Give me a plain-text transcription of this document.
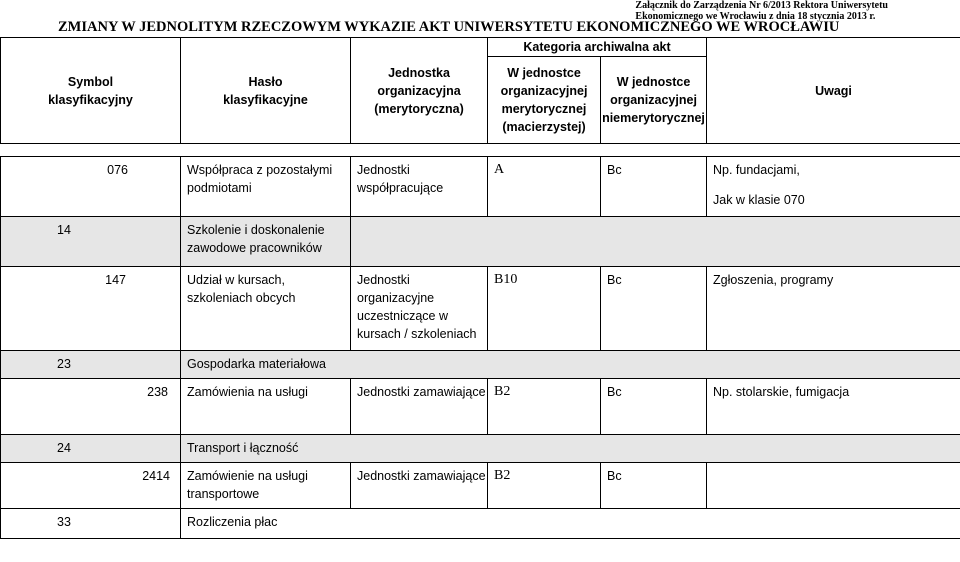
Załącznik do Zarządzenia Nr 6/2013 Rektora Uniwersytetu
Ekonomicznego we Wrocławiu z dnia 18 stycznia 2013 r.
ZMIANY W JEDNOLITYM RZECZOWYM WYKAZIE AKT UNIWERSYTETU EKONOMICZNEGO WE WROCŁAWIU
Symbol klasyfikacyjny	Hasło klasyfikacyjne	Jednostka organizacyjna (merytoryczna)	Kategoria archiwalna akt		Uwagi
			W jednostce organizacyjnej merytorycznej (macierzystej)	W jednostce organizacyjnej niemerytorycznej	

076	Współpraca z pozostałymi podmiotami	Jednostki współpracujące	A	Bc	Np. fundacjami,
Jak w klasie 070

14	Szkolenie i doskonalenie zawodowe pracowników				

147	Udział w kursach, szkoleniach obcych	Jednostki organizacyjne uczestniczące w kursach / szkoleniach	B10	Bc	Zgłoszenia, programy

23	Gospodarka materiałowa				

238	Zamówienia na usługi	Jednostki zamawiające	B2	Bc	Np. stolarskie, fumigacja

24	Transport i łączność				

2414	Zamówienie na usługi transportowe	Jednostki zamawiające	B2	Bc	

33	Rozliczenia płac				
